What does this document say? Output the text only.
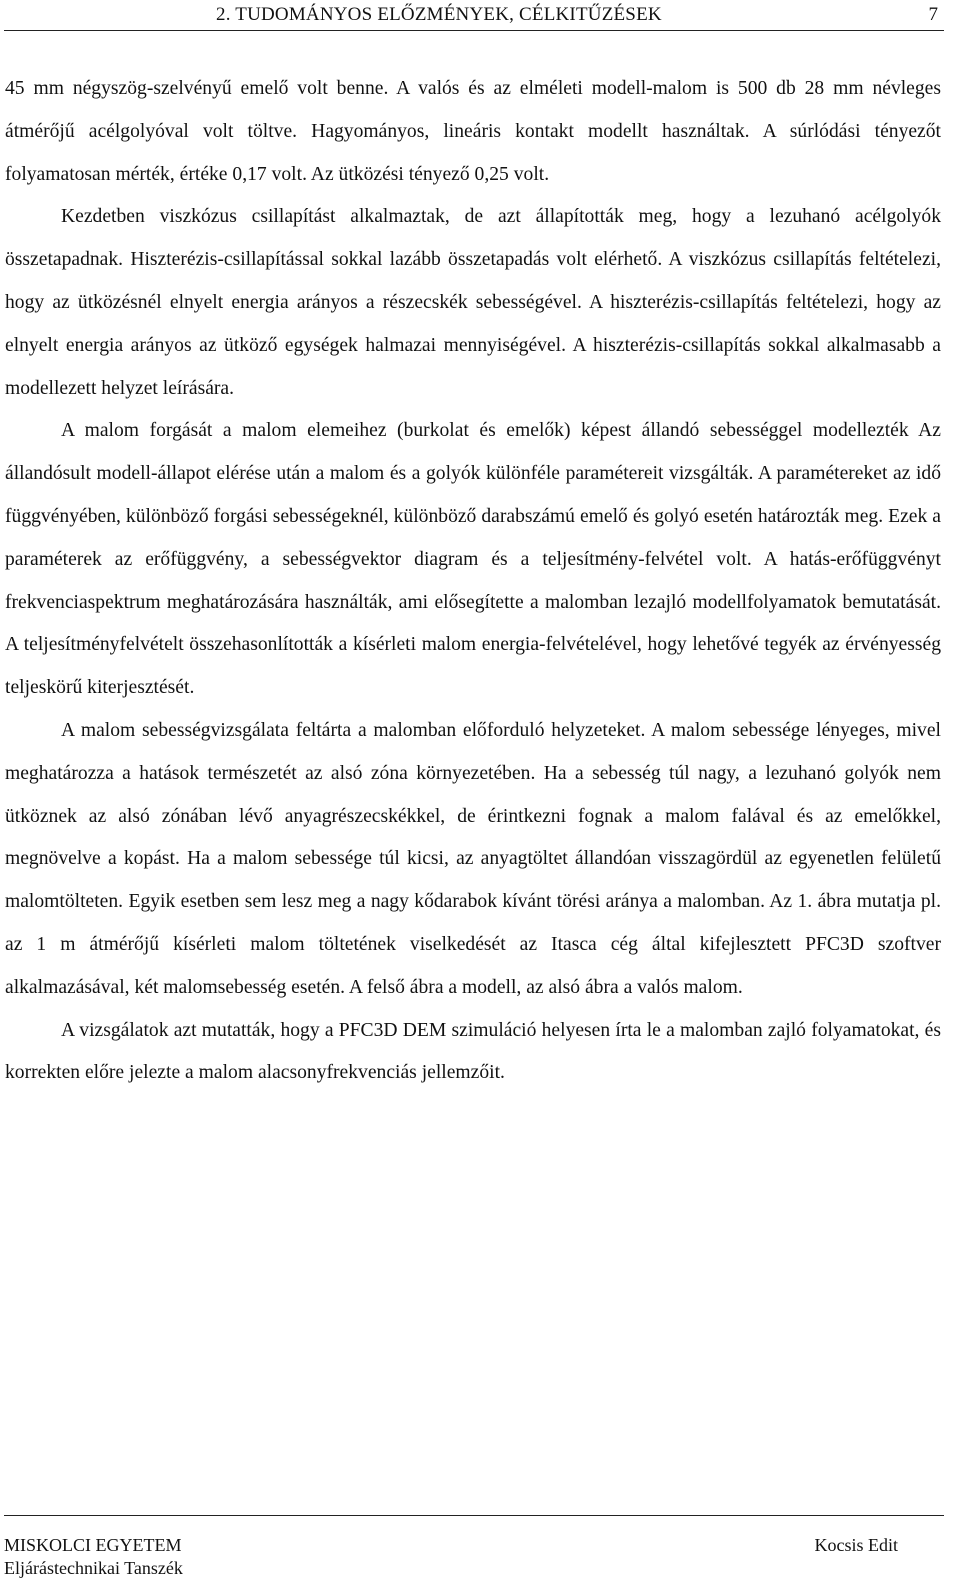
2. TUDOMÁNYOS ELŐZMÉNYEK, CÉLKITŰZÉSEK	7

45 mm négyszög-szelvényű emelő volt benne. A valós és az elméleti modell-malom is 500 db 28 mm névleges átmérőjű acélgolyóval volt töltve. Hagyományos, lineáris kontakt modellt használtak. A súrlódási tényezőt folyamatosan mérték, értéke 0,17 volt. Az ütközési tényező 0,25 volt.

Kezdetben viszkózus csillapítást alkalmaztak, de azt állapították meg, hogy a lezuhanó acélgolyók összetapadnak. Hiszterézis-csillapítással sokkal lazább összetapadás volt elérhető. A viszkózus csillapítás feltételezi, hogy az ütközésnél elnyelt energia arányos a részecskék sebességével. A hiszterézis-csillapítás feltételezi, hogy az elnyelt energia arányos az ütköző egységek halmazai mennyiségével. A hiszterézis-csillapítás sokkal alkalmasabb a modellezett helyzet leírására.

A malom forgását a malom elemeihez (burkolat és emelők) képest állandó sebességgel modellezték Az állandósult modell-állapot elérése után a malom és a golyók különféle paramétereit vizsgálták. A paramétereket az idő függvényében, különböző forgási sebességeknél, különböző darabszámú emelő és golyó esetén határozták meg. Ezek a paraméterek az erőfüggvény, a sebességvektor diagram és a teljesítmény-felvétel volt. A hatás-erőfüggvényt frekvenciaspektrum meghatározására használták, ami elősegítette a malomban lezajló modellfolyamatok bemutatását. A teljesítményfelvételt összehasonlították a kísérleti malom energia-felvételével, hogy lehetővé tegyék az érvényesség teljeskörű kiterjesztését.

A malom sebességvizsgálata feltárta a malomban előforduló helyzeteket. A malom sebessége lényeges, mivel meghatározza a hatások természetét az alsó zóna környezetében. Ha a sebesség túl nagy, a lezuhanó golyók nem ütköznek az alsó zónában lévő anyagrészecskékkel, de érintkezni fognak a malom falával és az emelőkkel, megnövelve a kopást. Ha a malom sebessége túl kicsi, az anyagtöltet állandóan visszagördül az egyenetlen felületű malomtölteten. Egyik esetben sem lesz meg a nagy kődarabok kívánt törési aránya a malomban. Az 1. ábra mutatja pl. az 1 m átmérőjű kísérleti malom töltetének viselkedését az Itasca cég által kifejlesztett PFC3D szoftver alkalmazásával, két malomsebesség esetén. A felső ábra a modell, az alsó ábra a valós malom.

A vizsgálatok azt mutatták, hogy a PFC3D DEM szimuláció helyesen írta le a malomban zajló folyamatokat, és korrekten előre jelezte a malom alacsonyfrekvenciás jellemzőit.

MISKOLCI EGYETEM
Eljárástechnikai Tanszék
Kocsis Edit
